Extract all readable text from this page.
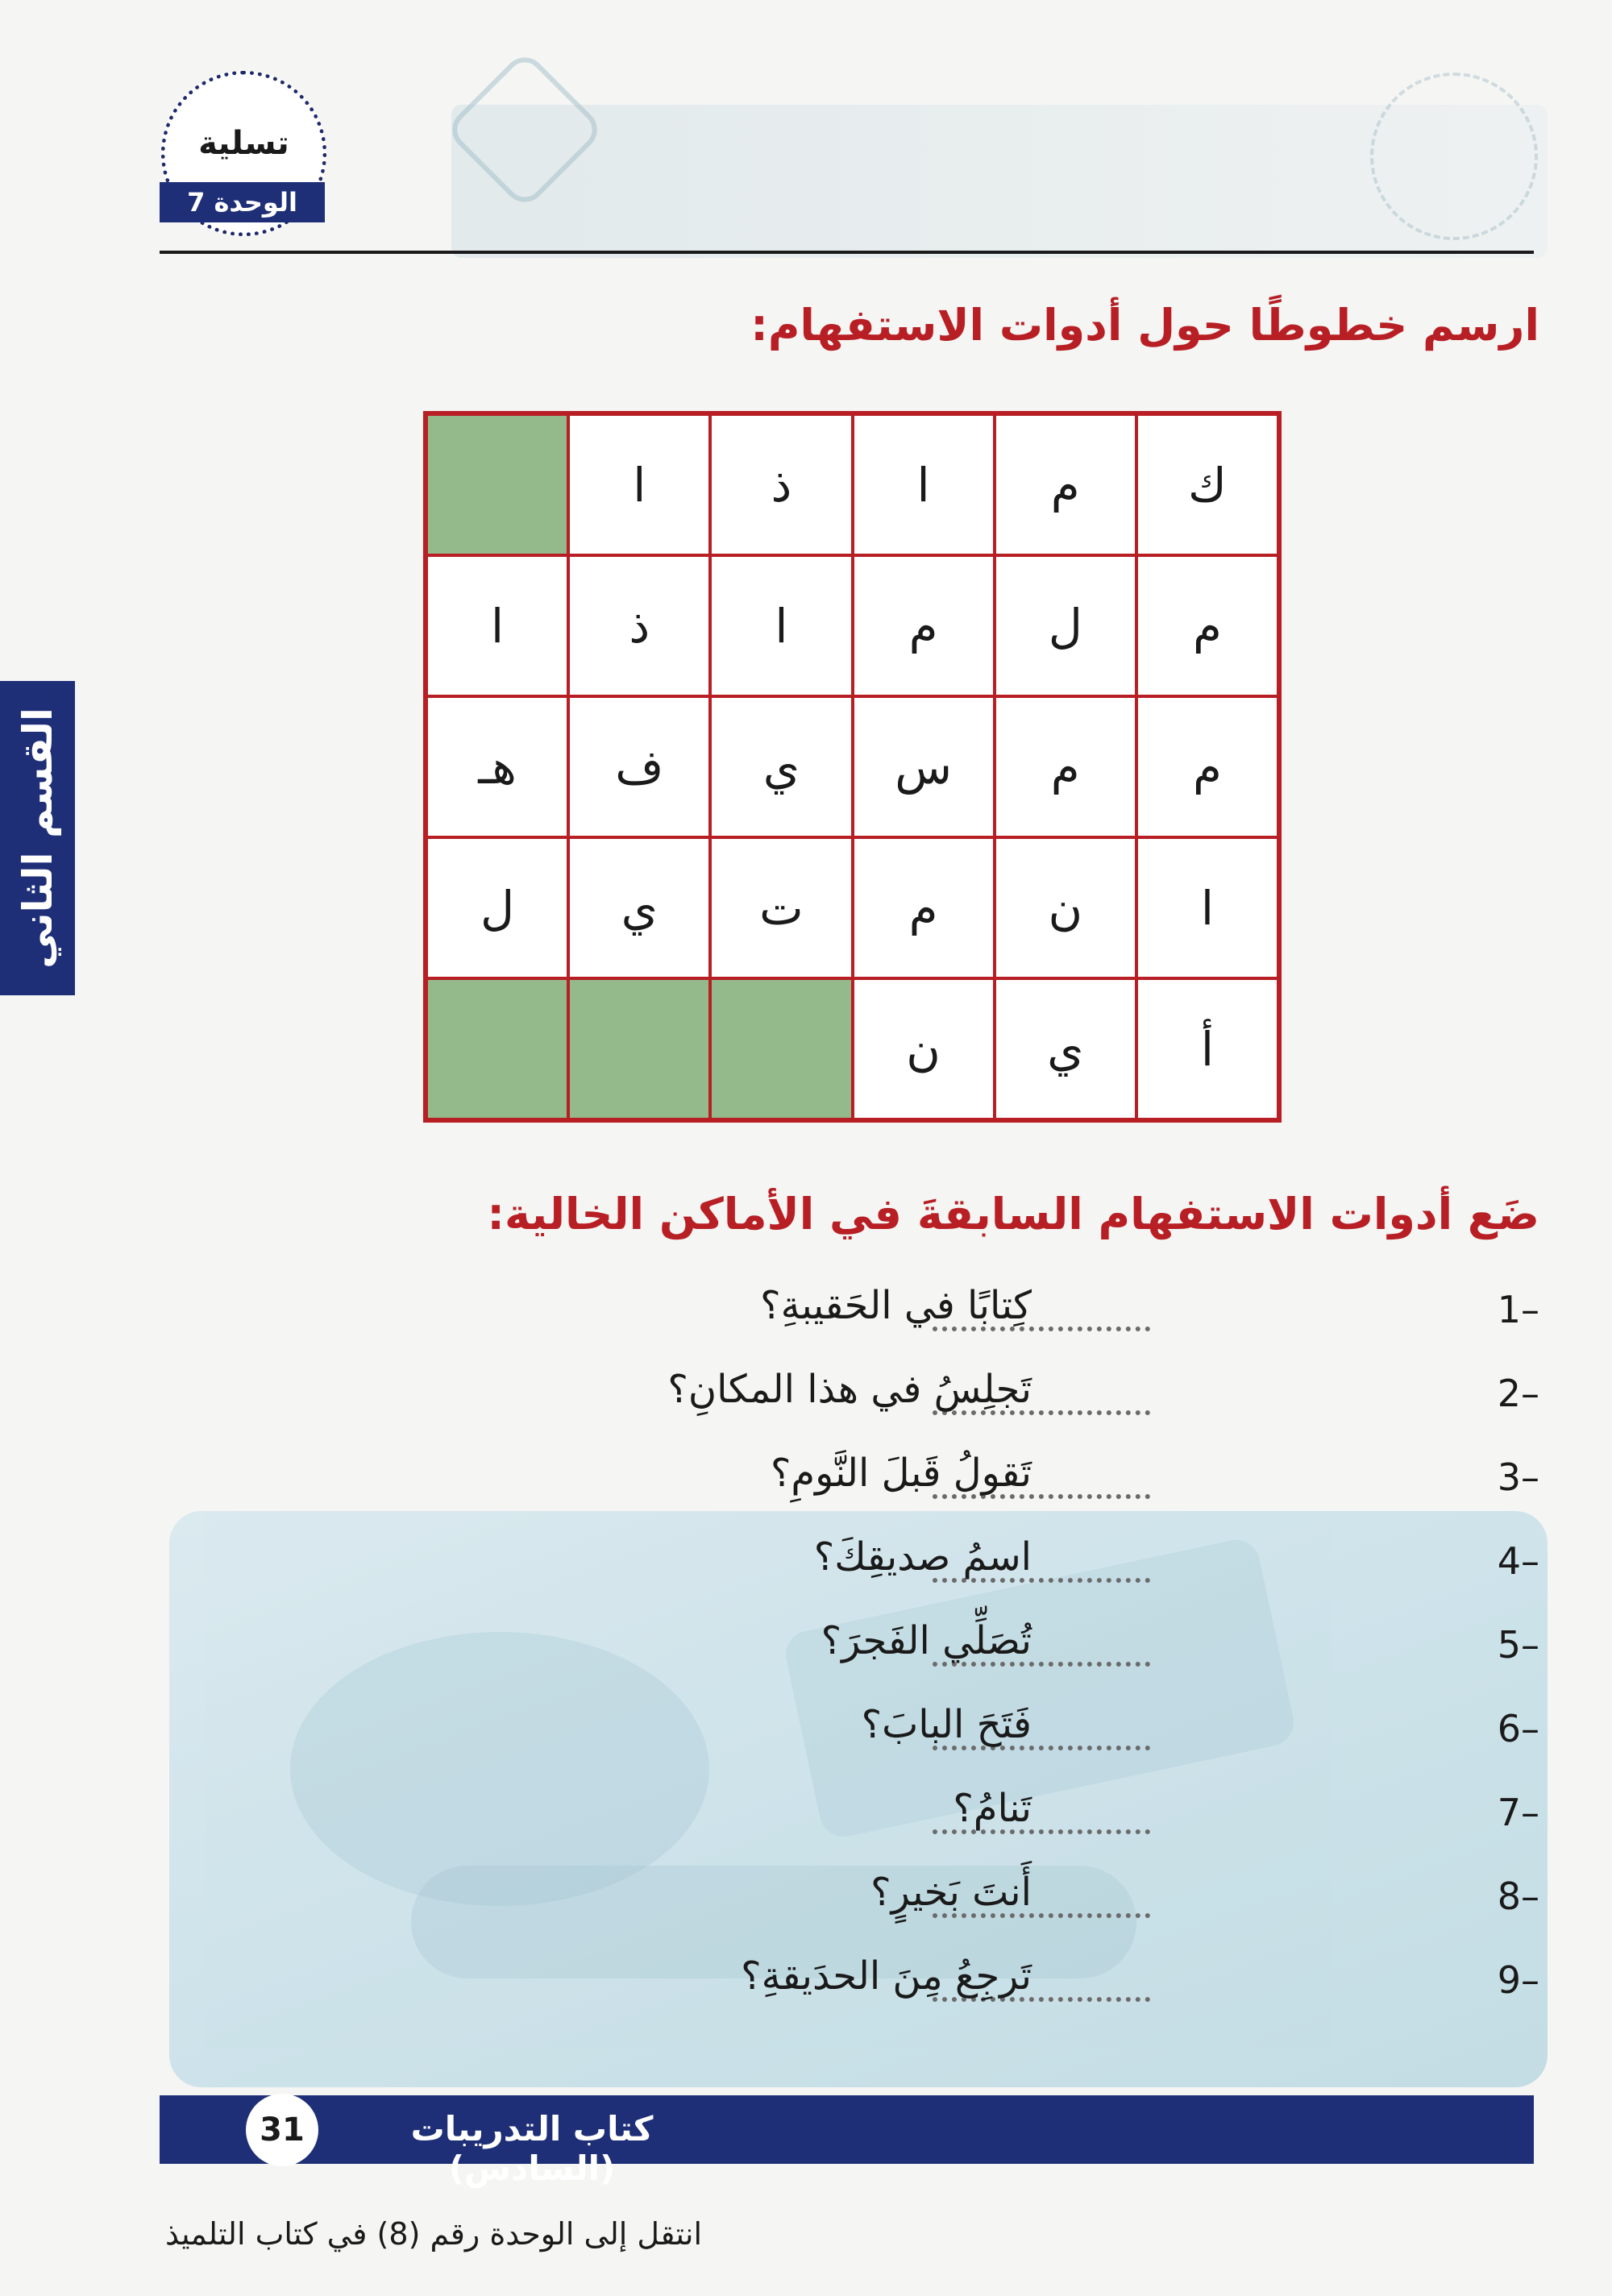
تسلية
الوحدة 7
القسم الثاني
ارسم خطوطًا حول أدوات الاستفهام:
ك
م
ا
ذ
ا
م
ل
م
ا
ذ
ا
م
م
س
ي
ف
هـ
ا
ن
م
ت
ي
ل
أ
ي
ن
ضَع أدوات الاستفهام السابقةَ في الأماكن الخالية:
1–
كِتابًا في الحَقيبةِ؟
2–
تَجلِسُ في هذا المكانِ؟
3–
تَقولُ قَبلَ النَّومِ؟
4–
اسمُ صديقِكَ؟
5–
تُصَلِّي الفَجرَ؟
6–
فَتَحَ البابَ؟
7–
تَنامُ؟
8–
أَنتَ بَخيرٍ؟
9–
تَرجِعُ مِنَ الحدَيقةِ؟
كتاب التدريبات (السادس)
31
انتقل إلى الوحدة رقم (8) في كتاب التلميذ
